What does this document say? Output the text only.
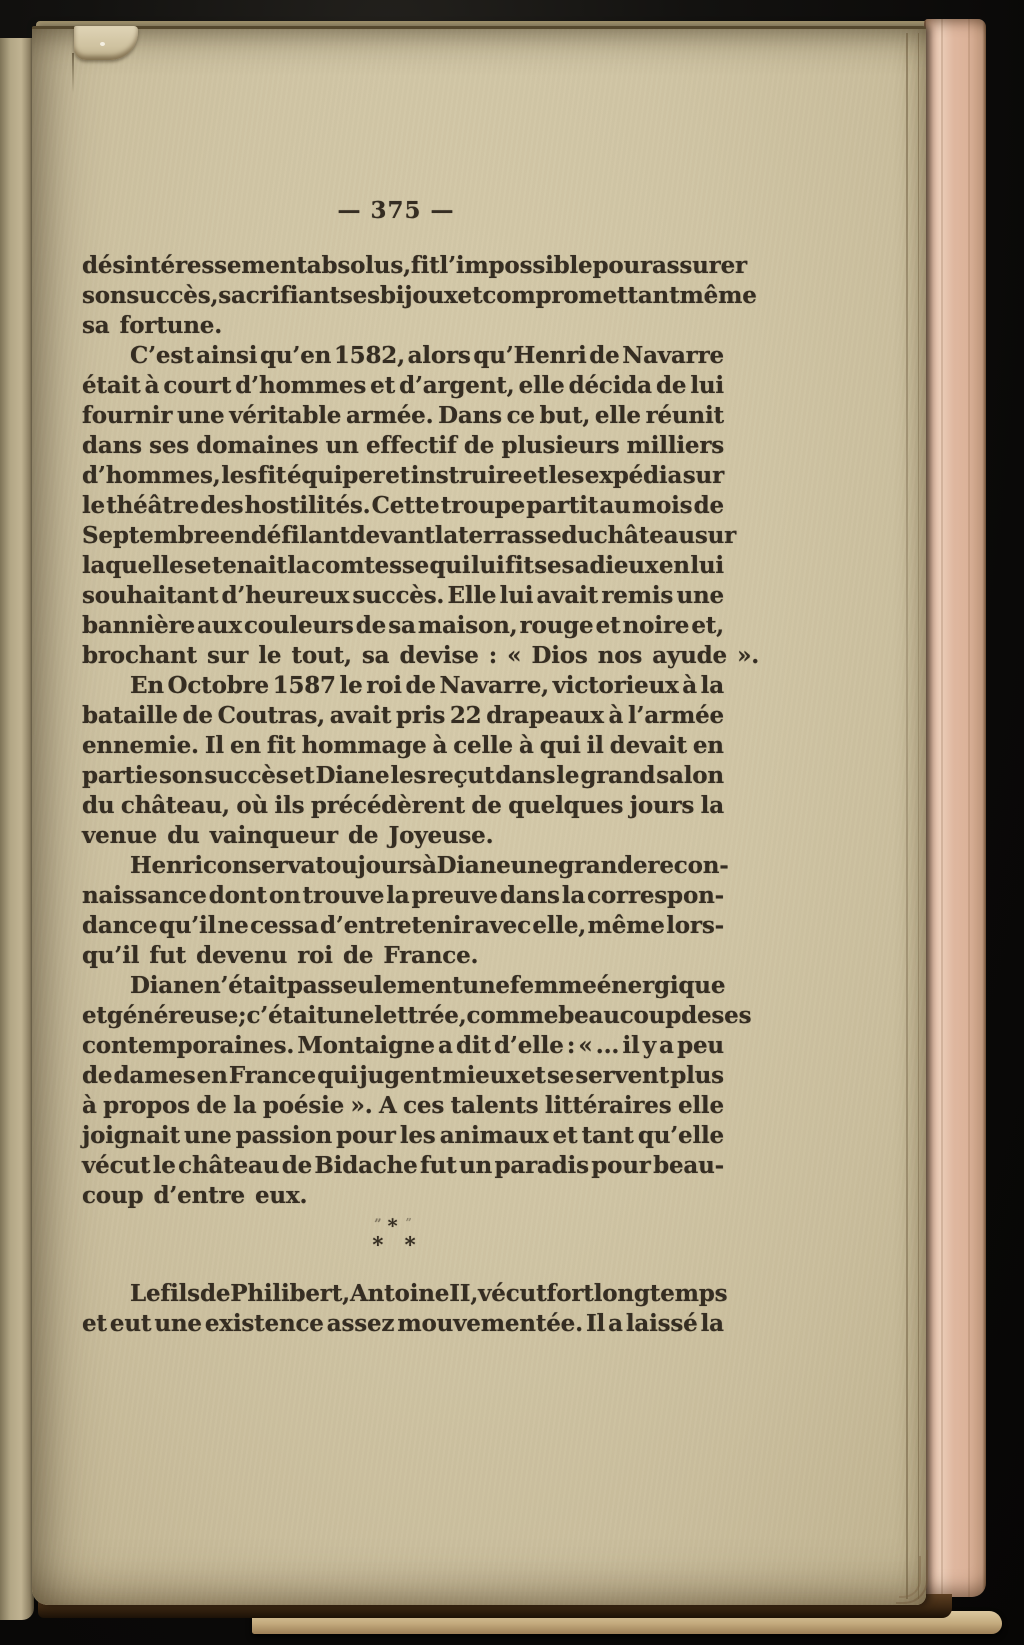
— 375 —
désintéressement absolus, fit l’impossible pour assurer
son succès, sacrifiant ses bijoux et compromettant même
sa fortune.
C’est ainsi qu’en 1582, alors qu’Henri de Navarre
était à court d’hommes et d’argent, elle décida de lui
fournir une véritable armée. Dans ce but, elle réunit
dans ses domaines un effectif de plusieurs milliers
d’hommes, les fit équiper et instruire et les expédia sur
le théâtre des hostilités. Cette troupe partit au mois de
Septembre en défilant devant la terrasse du château sur
laquelle se tenait la comtesse qui lui fit ses adieux en lui
souhaitant d’heureux succès. Elle lui avait remis une
bannière aux couleurs de sa maison, rouge et noire et,
brochant sur le tout, sa devise : « Dios nos ayude ».
En Octobre 1587 le roi de Navarre, victorieux à la
bataille de Coutras, avait pris 22 drapeaux à l’armée
ennemie. Il en fit hommage à celle à qui il devait en
partie son succès et Diane les reçut dans le grand salon
du château, où ils précédèrent de quelques jours la
venue du vainqueur de Joyeuse.
Henri conserva toujours à Diane une grande recon-
naissance dont on trouve la preuve dans la correspon-
dance qu’il ne cessa d’entretenir avec elle, même lors-
qu’il fut devenu roi de France.
Diane n’était pas seulement une femme énergique
et généreuse; c’était une lettrée, comme beaucoup de ses
contemporaines. Montaigne a dit d’elle : « ... il y a peu
de dames en France qui jugent mieux et se servent plus
à propos de la poésie ». A ces talents littéraires elle
joignait une passion pour les animaux et tant qu’elle
vécut le château de Bidache fut un paradis pour beau-
coup d’entre eux.
” * ”
* *
Le fils de Philibert, Antoine II, vécut fort longtemps
et eut une existence assez mouvementée. Il a laissé la
